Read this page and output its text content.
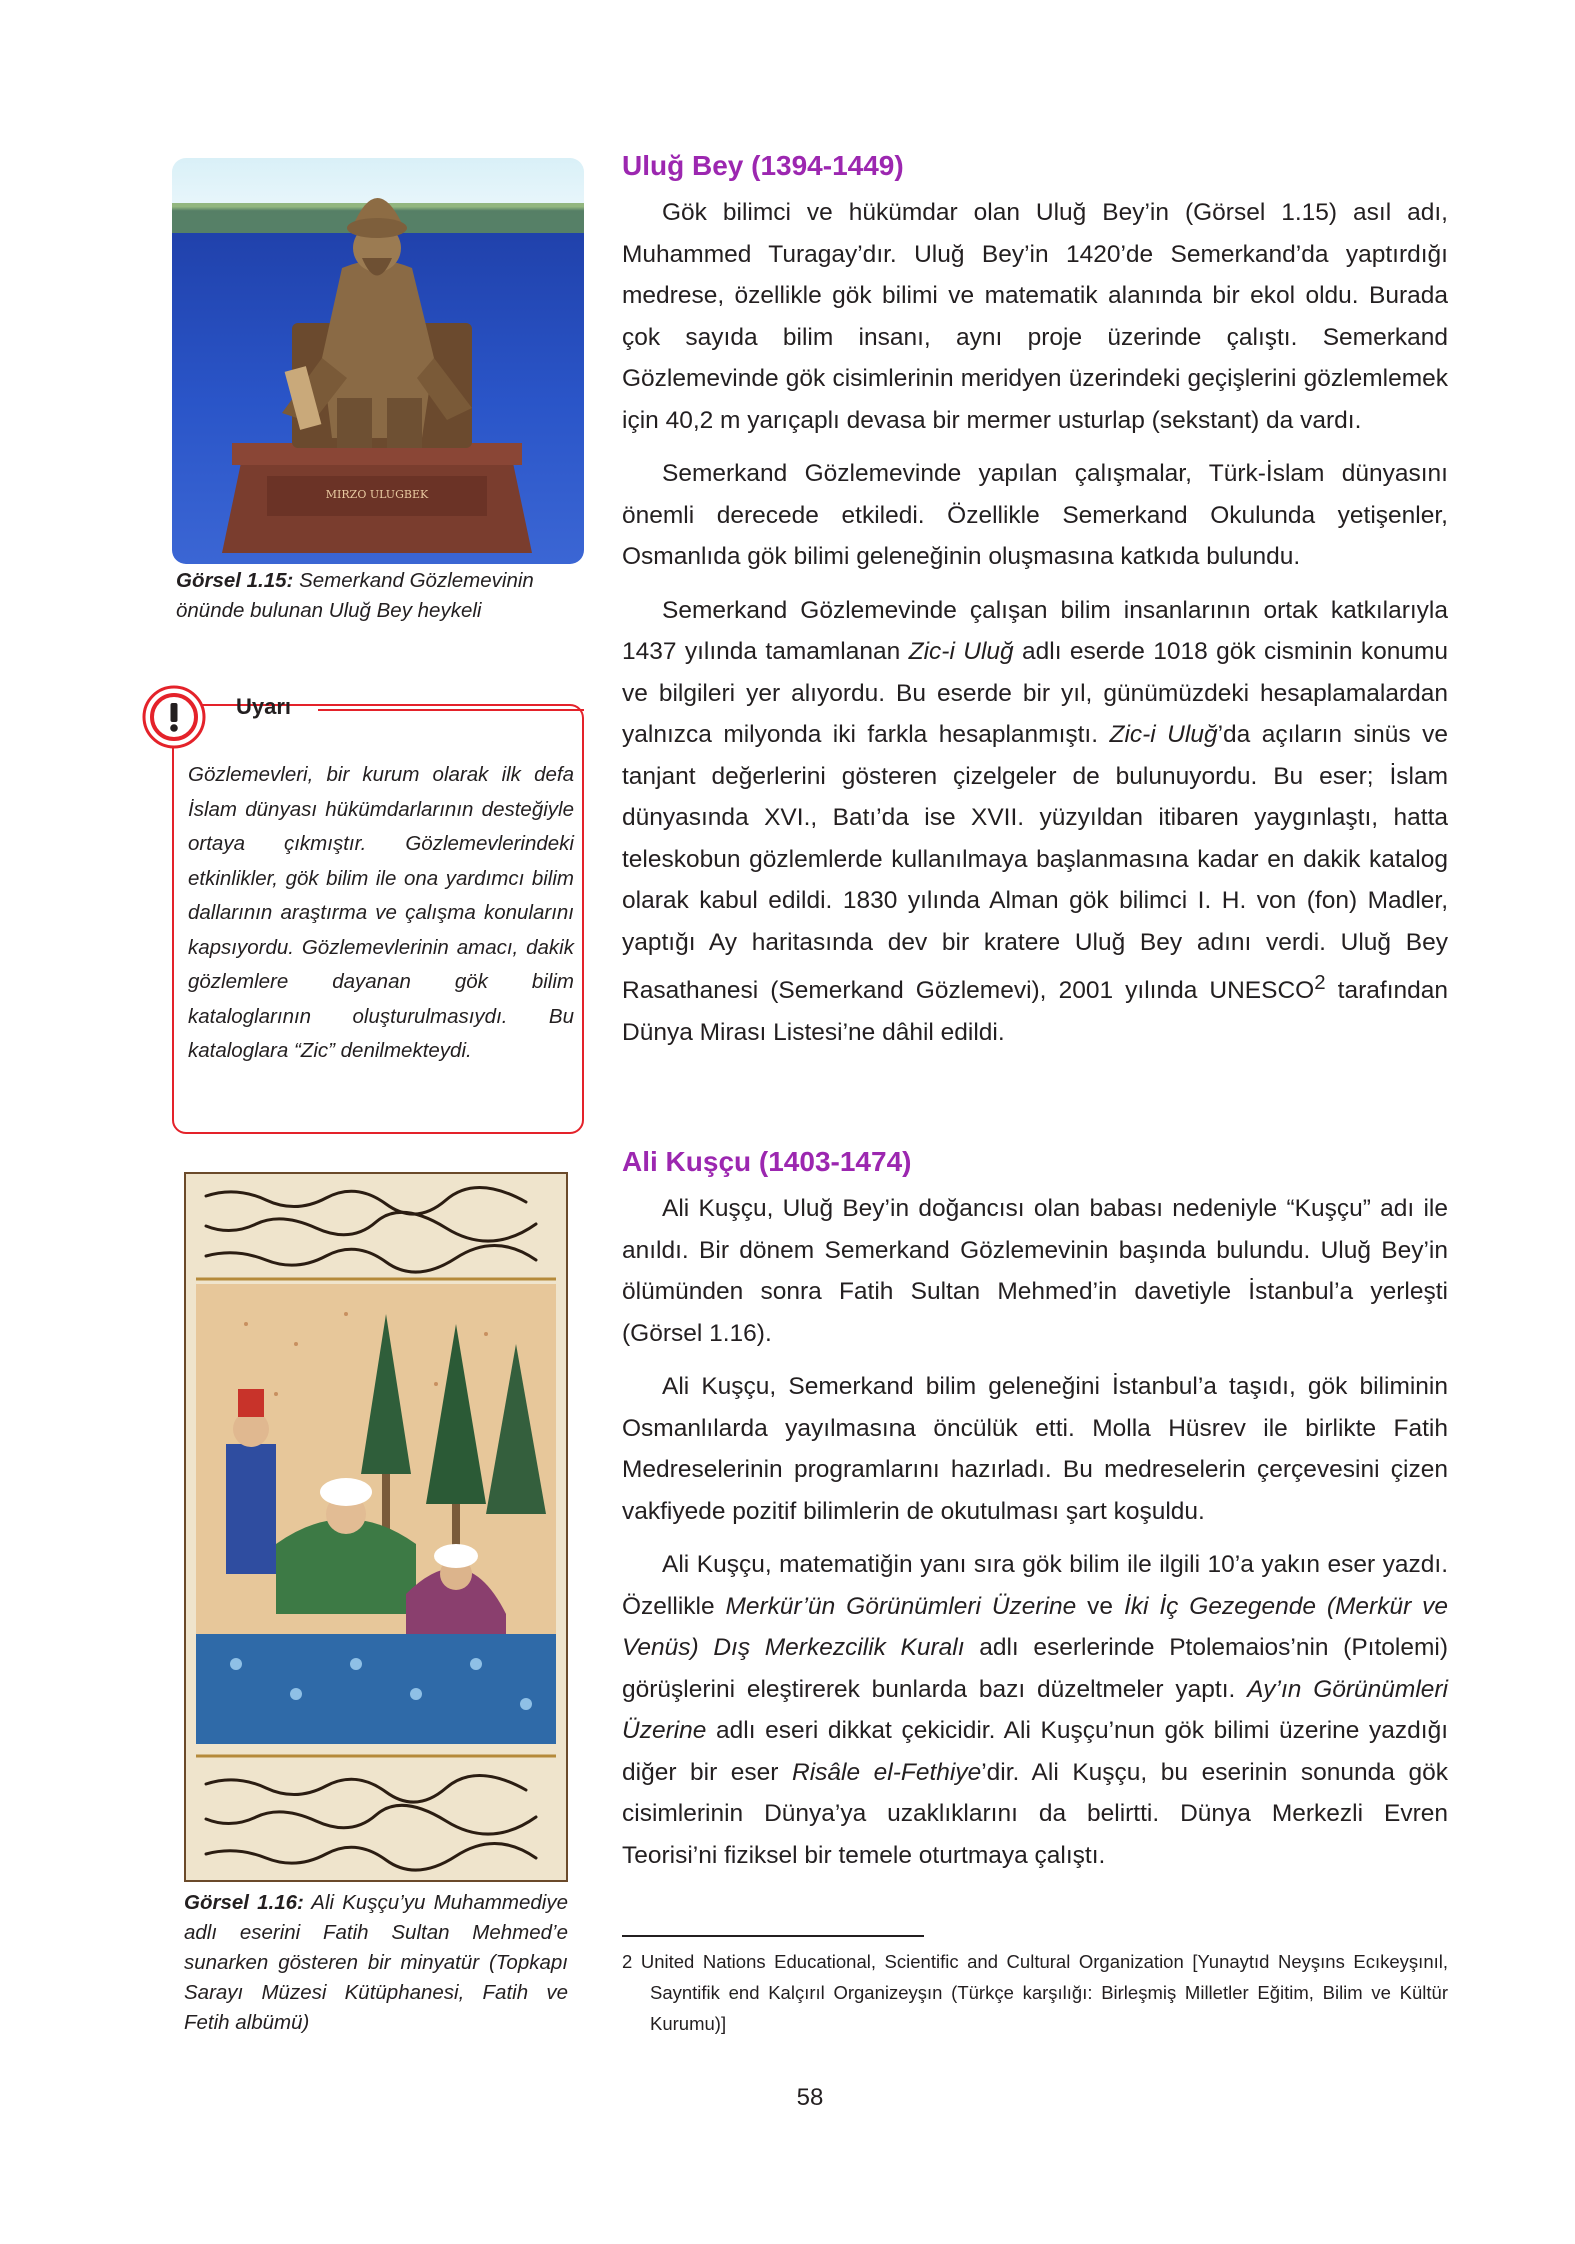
MIRZO ULUGBEK
Görsel 1.15: Semerkand Gözlemevinin önünde bulunan Uluğ Bey heykeli
Uyarı
Gözlemevleri, bir kurum olarak ilk defa İslam dünyası hükümdarlarının desteğiyle ortaya çıkmıştır. Gözlemevlerindeki etkinlikler, gök bilim ile ona yardımcı bilim dallarının araştırma ve çalışma konularını kapsıyordu. Gözlemevlerinin amacı, dakik gözlemlere dayanan gök bilim kataloglarının oluşturulmasıydı. Bu kataloglara “Zic” denilmekteydi.
Görsel 1.16: Ali Kuşçu’yu Muhammediye adlı eserini Fatih Sultan Mehmed’e sunarken gösteren bir minyatür (Topkapı Sarayı Müzesi Kütüphanesi, Fatih ve Fetih albümü)
Uluğ Bey (1394-1449)

Gök bilimci ve hükümdar olan Uluğ Bey’in (Görsel 1.15) asıl adı, Muhammed Turagay’dır. Uluğ Bey’in 1420’de Semerkand’da yaptırdığı medrese, özellikle gök bilimi ve matematik alanında bir ekol oldu. Burada çok sayıda bilim insanı, aynı proje üzerinde çalıştı. Semerkand Gözlemevinde gök cisimlerinin meridyen üzerindeki geçişlerini gözlemlemek için 40,2 m yarıçaplı devasa bir mermer usturlap (sekstant) da vardı.

Semerkand Gözlemevinde yapılan çalışmalar, Türk-İslam dünyasını önemli derecede etkiledi. Özellikle Semerkand Okulunda yetişenler, Osmanlıda gök bilimi geleneğinin oluşmasına katkıda bulundu.

Semerkand Gözlemevinde çalışan bilim insanlarının ortak katkılarıyla 1437 yılında tamamlanan Zic-i Uluğ adlı eserde 1018 gök cisminin konumu ve bilgileri yer alıyordu. Bu eserde bir yıl, günümüzdeki hesaplamalardan yalnızca milyonda iki farkla hesaplanmıştı. Zic-i Uluğ’da açıların sinüs ve tanjant değerlerini gösteren çizelgeler de bulunuyordu. Bu eser; İslam dünyasında XVI., Batı’da ise XVII. yüzyıldan itibaren yaygınlaştı, hatta teleskobun gözlemlerde kullanılmaya başlanmasına kadar en dakik katalog olarak kabul edildi. 1830 yılında Alman gök bilimci I. H. von (fon) Madler, yaptığı Ay haritasında dev bir kratere Uluğ Bey adını verdi. Uluğ Bey Rasathanesi (Semerkand Gözlemevi), 2001 yılında UNESCO$^2$ tarafından Dünya Mirası Listesi’ne dâhil edildi.

Ali Kuşçu (1403-1474)

Ali Kuşçu, Uluğ Bey’in doğancısı olan babası nedeniyle “Kuşçu” adı ile anıldı. Bir dönem Semerkand Gözlemevinin başında bulundu. Uluğ Bey’in ölümünden sonra Fatih Sultan Mehmed’in davetiyle İstanbul’a yerleşti (Görsel 1.16).

Ali Kuşçu, Semerkand bilim geleneğini İstanbul’a taşıdı, gök biliminin Osmanlılarda yayılmasına öncülük etti. Molla Hüsrev ile birlikte Fatih Medreselerinin programlarını hazırladı. Bu medreselerin çerçevesini çizen vakfiyede pozitif bilimlerin de okutulması şart koşuldu.

Ali Kuşçu, matematiğin yanı sıra gök bilim ile ilgili 10’a yakın eser yazdı. Özellikle Merkür’ün Görünümleri Üzerine ve İki İç Gezegende (Merkür ve Venüs) Dış Merkezcilik Kuralı adlı eserlerinde Ptolemaios’nin (Pıtolemi) görüşlerini eleştirerek bunlarda bazı düzeltmeler yaptı. Ay’ın Görünümleri Üzerine adlı eseri dikkat çekicidir. Ali Kuşçu’nun gök bilimi üzerine yazdığı diğer bir eser Risâle el-Fethiye’dir. Ali Kuşçu, bu eserinin sonunda gök cisimlerinin Dünya’ya uzaklıklarını da belirtti. Dünya Merkezli Evren Teorisi’ni fiziksel bir temele oturtmaya çalıştı.

2 United Nations Educational, Scientific and Cultural Organization [Yunaytıd Neyşıns Ecıkeyşınıl, Sayntifik end Kalçırıl Organizeyşın (Türkçe karşılığı: Birleşmiş Milletler Eğitim, Bilim ve Kültür Kurumu)]
58
